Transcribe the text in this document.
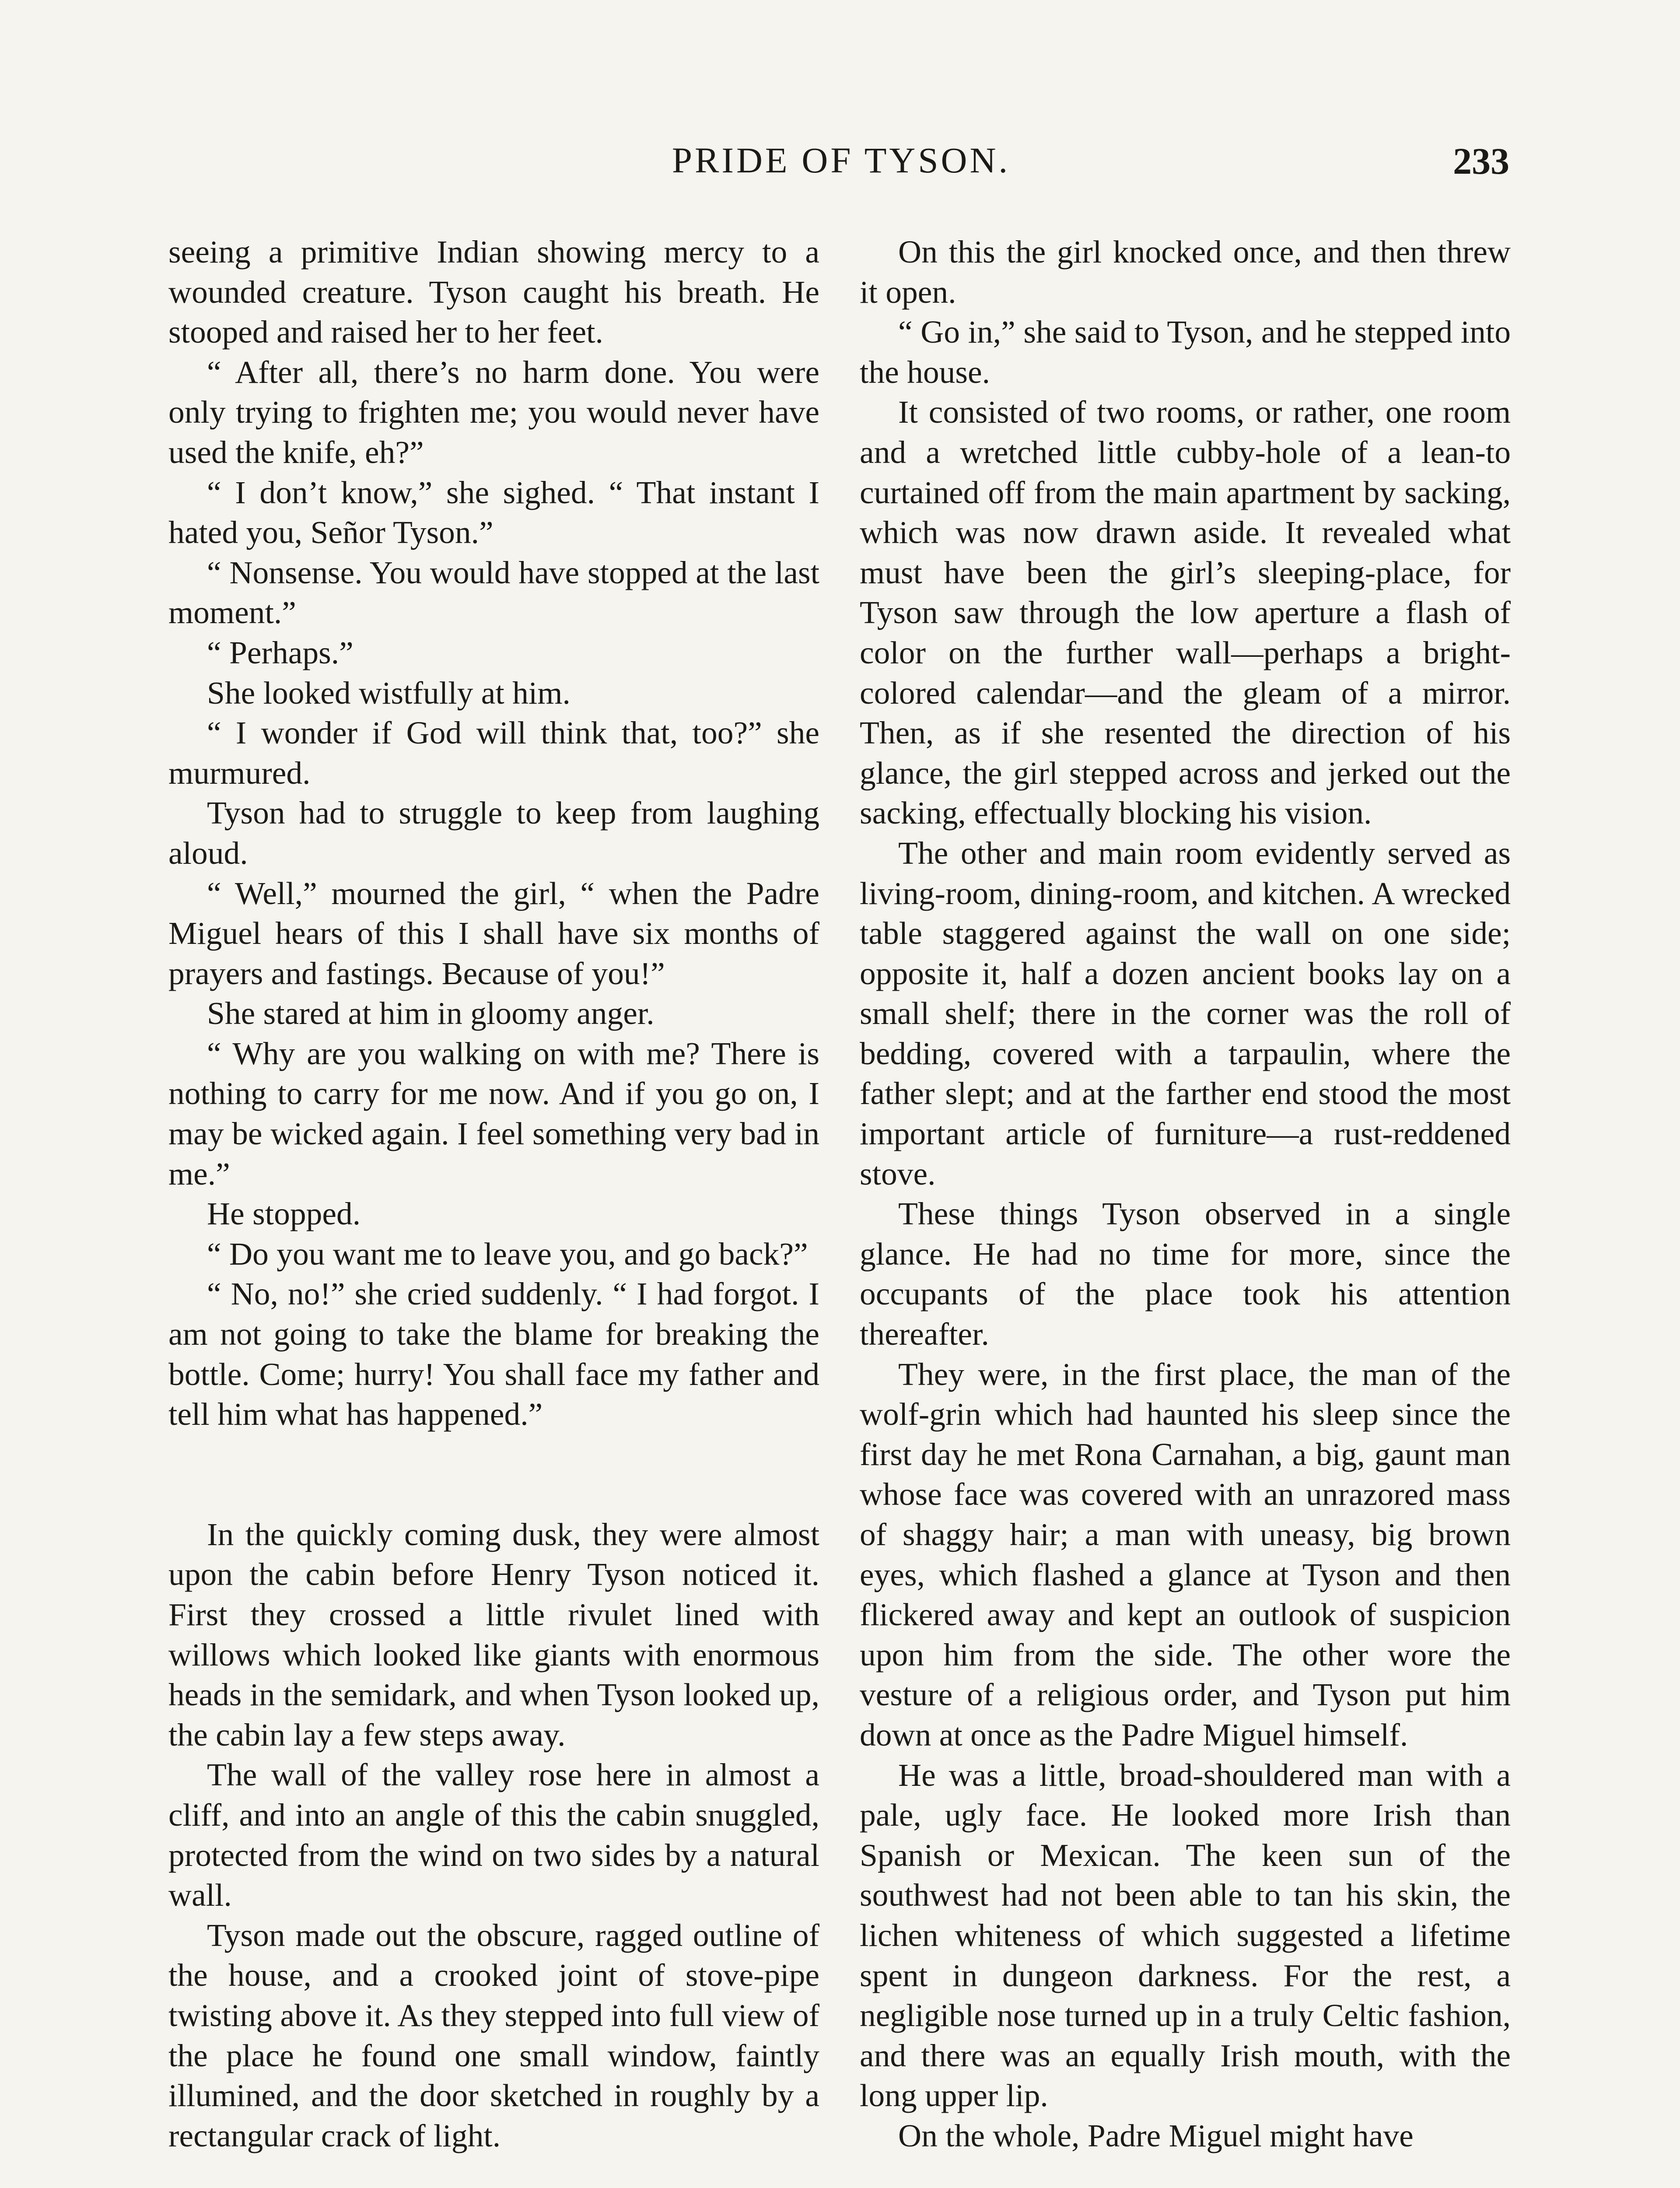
PRIDE OF TYSON.	233

seeing a primitive Indian showing mercy to a wounded creature. Tyson caught his breath. He stooped and raised her to her feet.

“ After all, there’s no harm done. You were only trying to frighten me; you would never have used the knife, eh?”

“ I don’t know,” she sighed. “ That instant I hated you, Señor Tyson.”

“ Nonsense. You would have stopped at the last moment.”

“ Perhaps.”

She looked wistfully at him.

“ I wonder if God will think that, too?” she murmured.

Tyson had to struggle to keep from laughing aloud.

“ Well,” mourned the girl, “ when the Padre Miguel hears of this I shall have six months of prayers and fastings. Because of you!”

She stared at him in gloomy anger.

“ Why are you walking on with me? There is nothing to carry for me now. And if you go on, I may be wicked again. I feel something very bad in me.”

He stopped.

“ Do you want me to leave you, and go back?”

“ No, no!” she cried suddenly. “ I had forgot. I am not going to take the blame for breaking the bottle. Come; hurry! You shall face my father and tell him what has happened.”

In the quickly coming dusk, they were almost upon the cabin before Henry Tyson noticed it. First they crossed a little rivulet lined with willows which looked like giants with enormous heads in the semidark, and when Tyson looked up, the cabin lay a few steps away.

The wall of the valley rose here in almost a cliff, and into an angle of this the cabin snuggled, protected from the wind on two sides by a natural wall.

Tyson made out the obscure, ragged outline of the house, and a crooked joint of stove-pipe twisting above it. As they stepped into full view of the place he found one small window, faintly illumined, and the door sketched in roughly by a rectangular crack of light.

On this the girl knocked once, and then threw it open.

“ Go in,” she said to Tyson, and he stepped into the house.

It consisted of two rooms, or rather, one room and a wretched little cubby-hole of a lean-to curtained off from the main apartment by sacking, which was now drawn aside. It revealed what must have been the girl’s sleeping-place, for Tyson saw through the low aperture a flash of color on the further wall—perhaps a bright-colored calendar—and the gleam of a mirror. Then, as if she resented the direction of his glance, the girl stepped across and jerked out the sacking, effectually blocking his vision.

The other and main room evidently served as living-room, dining-room, and kitchen. A wrecked table staggered against the wall on one side; opposite it, half a dozen ancient books lay on a small shelf; there in the corner was the roll of bedding, covered with a tarpaulin, where the father slept; and at the farther end stood the most important article of furniture—a rust-reddened stove.

These things Tyson observed in a single glance. He had no time for more, since the occupants of the place took his attention thereafter.

They were, in the first place, the man of the wolf-grin which had haunted his sleep since the first day he met Rona Carnahan, a big, gaunt man whose face was covered with an unrazored mass of shaggy hair; a man with uneasy, big brown eyes, which flashed a glance at Tyson and then flickered away and kept an outlook of suspicion upon him from the side. The other wore the vesture of a religious order, and Tyson put him down at once as the Padre Miguel himself.

He was a little, broad-shouldered man with a pale, ugly face. He looked more Irish than Spanish or Mexican. The keen sun of the southwest had not been able to tan his skin, the lichen whiteness of which suggested a lifetime spent in dungeon darkness. For the rest, a negligible nose turned up in a truly Celtic fashion, and there was an equally Irish mouth, with the long upper lip.

On the whole, Padre Miguel might have
